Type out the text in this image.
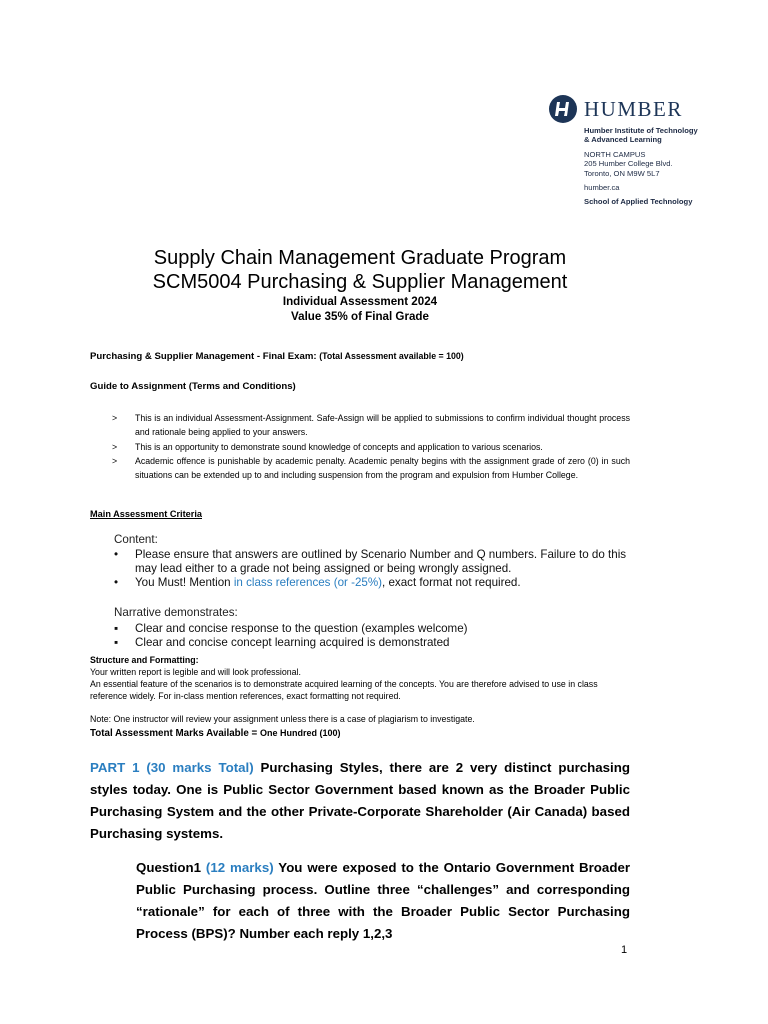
HUMBER
Humber Institute of Technology
& Advanced Learning
NORTH CAMPUS
205 Humber College Blvd.
Toronto, ON M9W 5L7
humber.ca
School of Applied Technology
Supply Chain Management Graduate Program
SCM5004 Purchasing & Supplier Management
Individual Assessment 2024
Value 35% of Final Grade
Purchasing & Supplier Management - Final Exam: (Total Assessment available = 100)
Guide to Assignment (Terms and Conditions)
> This is an individual Assessment-Assignment. Safe-Assign will be applied to submissions to confirm individual thought process and rationale being applied to your answers.
> This is an opportunity to demonstrate sound knowledge of concepts and application to various scenarios.
> Academic offence is punishable by academic penalty. Academic penalty begins with the assignment grade of zero (0) in such situations can be extended up to and including suspension from the program and expulsion from Humber College.
Main Assessment Criteria
Content:
• Please ensure that answers are outlined by Scenario Number and Q numbers. Failure to do this may lead either to a grade not being assigned or being wrongly assigned.
• You Must! Mention in class references (or -25%), exact format not required.
Narrative demonstrates:
▪ Clear and concise response to the question (examples welcome)
▪ Clear and concise concept learning acquired is demonstrated
Structure and Formatting:
Your written report is legible and will look professional.
An essential feature of the scenarios is to demonstrate acquired learning of the concepts. You are therefore advised to use in class reference widely. For in-class mention references, exact formatting not required.
Note: One instructor will review your assignment unless there is a case of plagiarism to investigate.
Total Assessment Marks Available = One Hundred (100)
PART 1 (30 marks Total) Purchasing Styles, there are 2 very distinct purchasing styles today. One is Public Sector Government based known as the Broader Public Purchasing System and the other Private-Corporate Shareholder (Air Canada) based Purchasing systems.
Question1 (12 marks) You were exposed to the Ontario Government Broader Public Purchasing process. Outline three “challenges” and corresponding “rationale” for each of three with the Broader Public Sector Purchasing Process (BPS)? Number each reply 1,2,3
1
